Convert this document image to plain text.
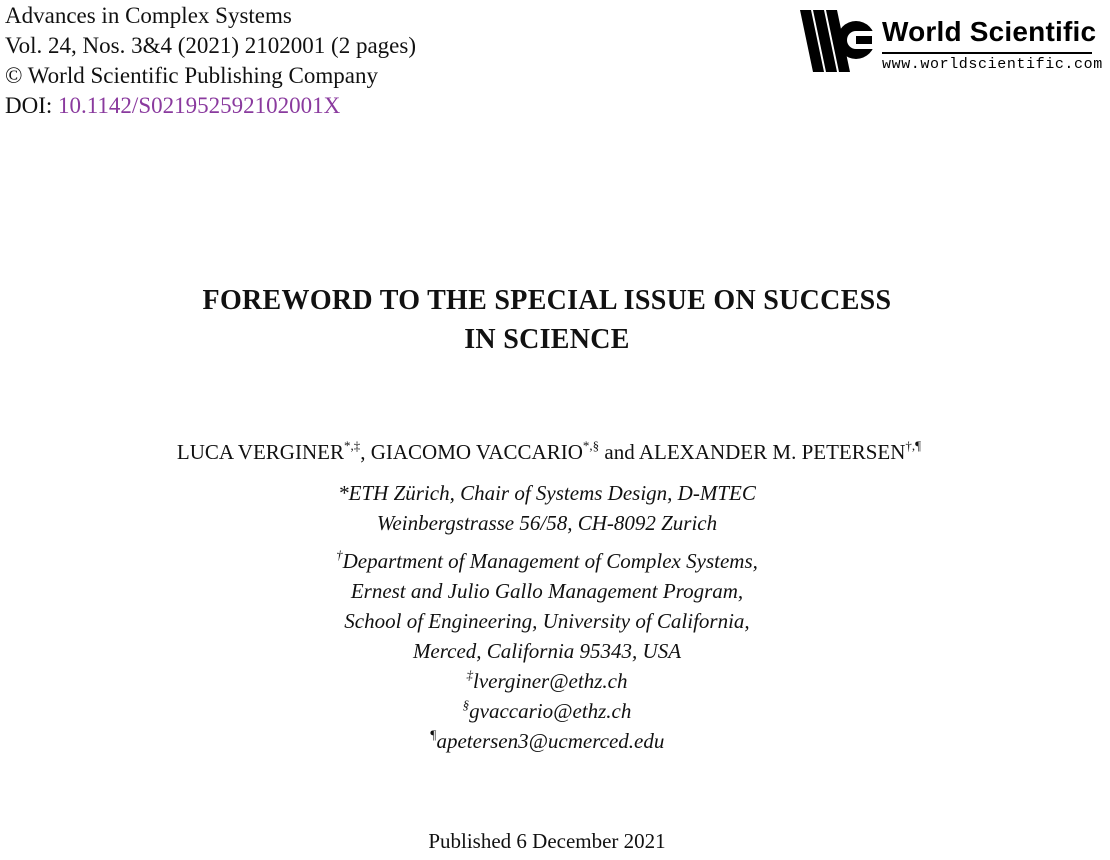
Advances in Complex Systems
Vol. 24, Nos. 3&4 (2021) 2102001 (2 pages)
© World Scientific Publishing Company
DOI: 10.1142/S021952592102001X
World Scientific
www.worldscientific.com
FOREWORD TO THE SPECIAL ISSUE ON SUCCESS
IN SCIENCE
LUCA VERGINER*,‡, GIACOMO VACCARIO*,§ and ALEXANDER M. PETERSEN†,¶
*ETH Zürich, Chair of Systems Design, D-MTEC
Weinbergstrasse 56/58, CH-8092 Zurich
†Department of Management of Complex Systems,
Ernest and Julio Gallo Management Program,
School of Engineering, University of California,
Merced, California 95343, USA
‡lverginer@ethz.ch
§gvaccario@ethz.ch
¶apetersen3@ucmerced.edu
Published 6 December 2021
